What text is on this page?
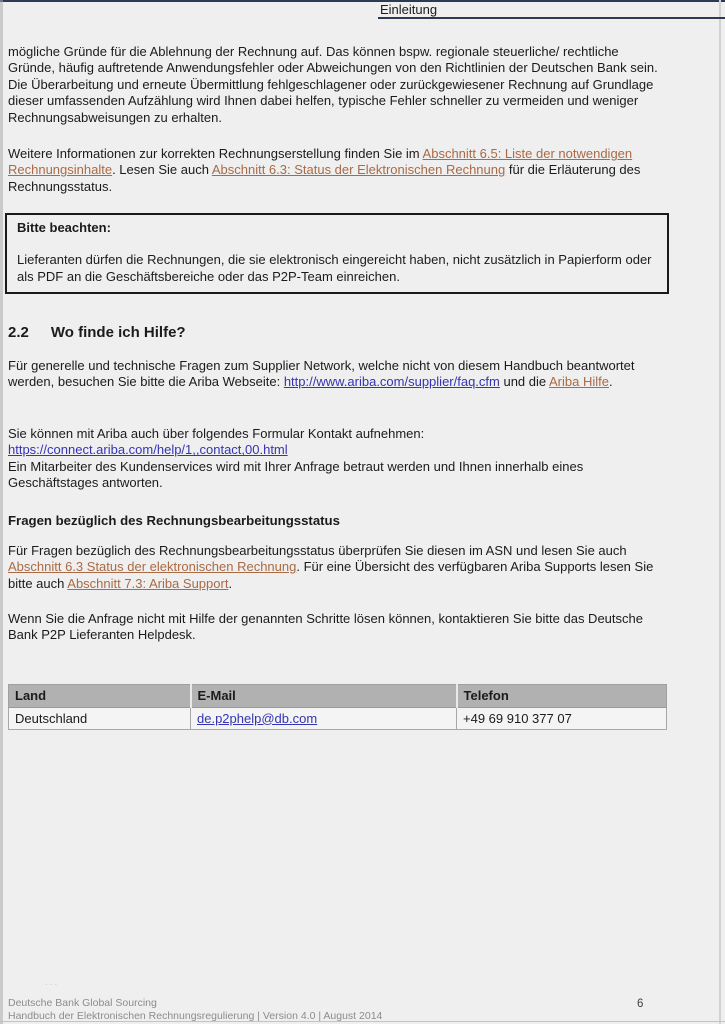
Einleitung

mögliche Gründe für die Ablehnung der Rechnung auf. Das können bspw. regionale steuerliche/ rechtliche Gründe, häufig auftretende Anwendungsfehler oder Abweichungen von den Richtlinien der Deutschen Bank sein. Die Überarbeitung und erneute Übermittlung fehlgeschlagener oder zurückgewiesener Rechnung auf Grundlage dieser umfassenden Aufzählung wird Ihnen dabei helfen, typische Fehler schneller zu vermeiden und weniger Rechnungsabweisungen zu erhalten.

Weitere Informationen zur korrekten Rechnungserstellung finden Sie im Abschnitt 6.5: Liste der notwendigen Rechnungsinhalte. Lesen Sie auch Abschnitt 6.3: Status der Elektronischen Rechnung für die Erläuterung des Rechnungsstatus.

Bitte beachten:

Lieferanten dürfen die Rechnungen, die sie elektronisch eingereicht haben, nicht zusätzlich in Papierform oder als PDF an die Geschäftsbereiche oder das P2P-Team einreichen.

2.2 Wo finde ich Hilfe?

Für generelle und technische Fragen zum Supplier Network, welche nicht von diesem Handbuch beantwortet werden, besuchen Sie bitte die Ariba Webseite: http://www.ariba.com/supplier/faq.cfm und die Ariba Hilfe.

Sie können mit Ariba auch über folgendes Formular Kontakt aufnehmen:
https://connect.ariba.com/help/1,,contact,00.html
Ein Mitarbeiter des Kundenservices wird mit Ihrer Anfrage betraut werden und Ihnen innerhalb eines Geschäftstages antworten.

Fragen bezüglich des Rechnungsbearbeitungsstatus

Für Fragen bezüglich des Rechnungsbearbeitungsstatus überprüfen Sie diesen im ASN und lesen Sie auch Abschnitt 6.3 Status der elektronischen Rechnung. Für eine Übersicht des verfügbaren Ariba Supports lesen Sie bitte auch Abschnitt 7.3: Ariba Support.

Wenn Sie die Anfrage nicht mit Hilfe der genannten Schritte lösen können, kontaktieren Sie bitte das Deutsche Bank P2P Lieferanten Helpdesk.

Land	E-Mail	Telefon
Deutschland	de.p2phelp@db.com	+49 69 910 377 07
...
Deutsche Bank Global Sourcing
Handbuch der Elektronischen Rechnungsregulierung | Version 4.0 | August 2014
6
